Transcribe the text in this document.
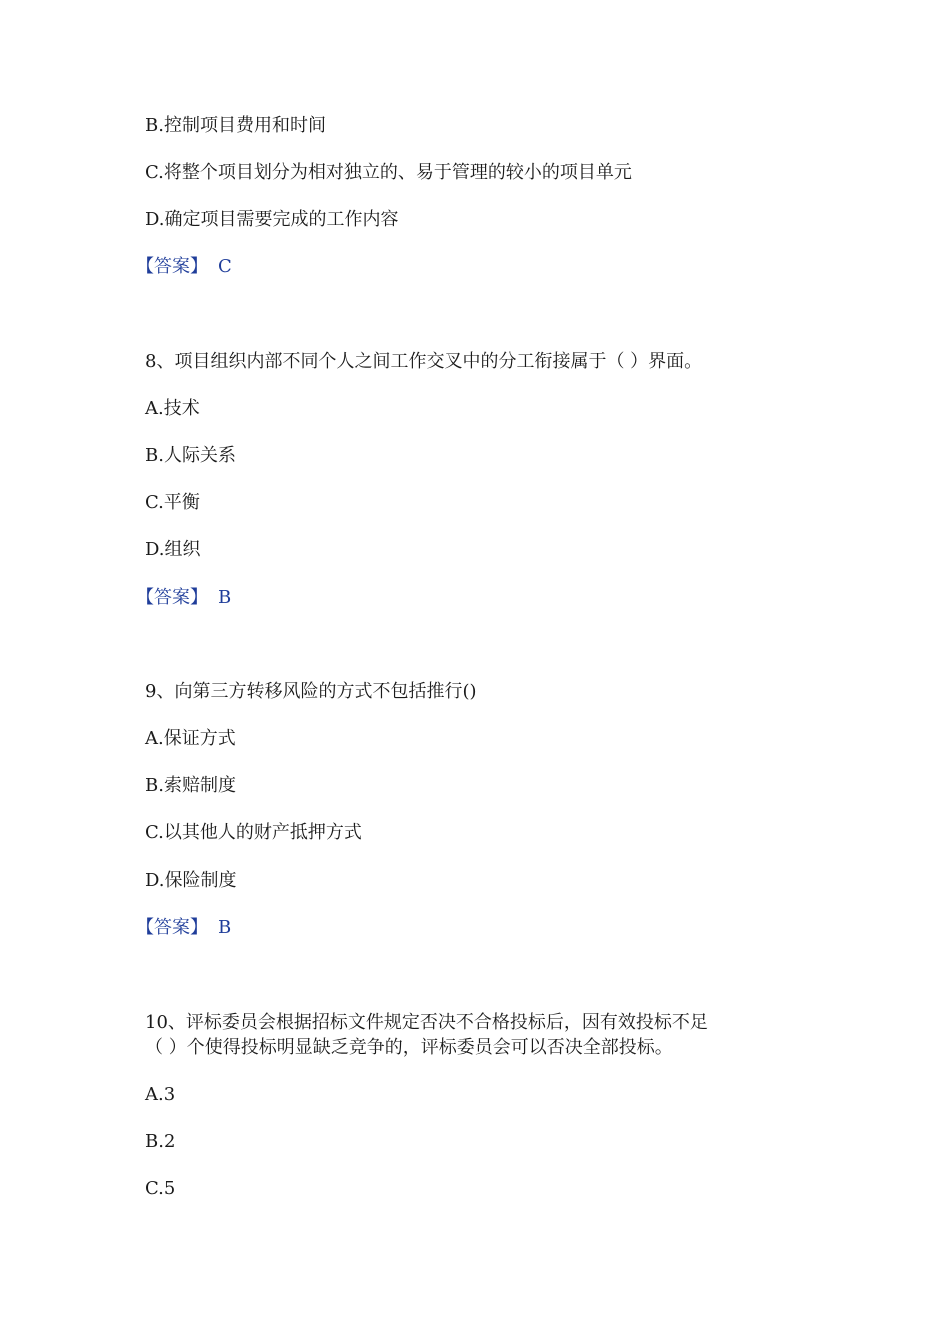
B.控制项目费用和时间
C.将整个项目划分为相对独立的、易于管理的较小的项目单元
D.确定项目需要完成的工作内容
【答案】 C
8、项目组织内部不同个人之间工作交叉中的分工衔接属于（ ）界面。
A.技术
B.人际关系
C.平衡
D.组织
【答案】 B
9、向第三方转移风险的方式不包括推行()
A.保证方式
B.索赔制度
C.以其他人的财产抵押方式
D.保险制度
【答案】 B
10、评标委员会根据招标文件规定否决不合格投标后，因有效投标不足
（ ）个使得投标明显缺乏竞争的，评标委员会可以否决全部投标。
A.3
B.2
C.5
